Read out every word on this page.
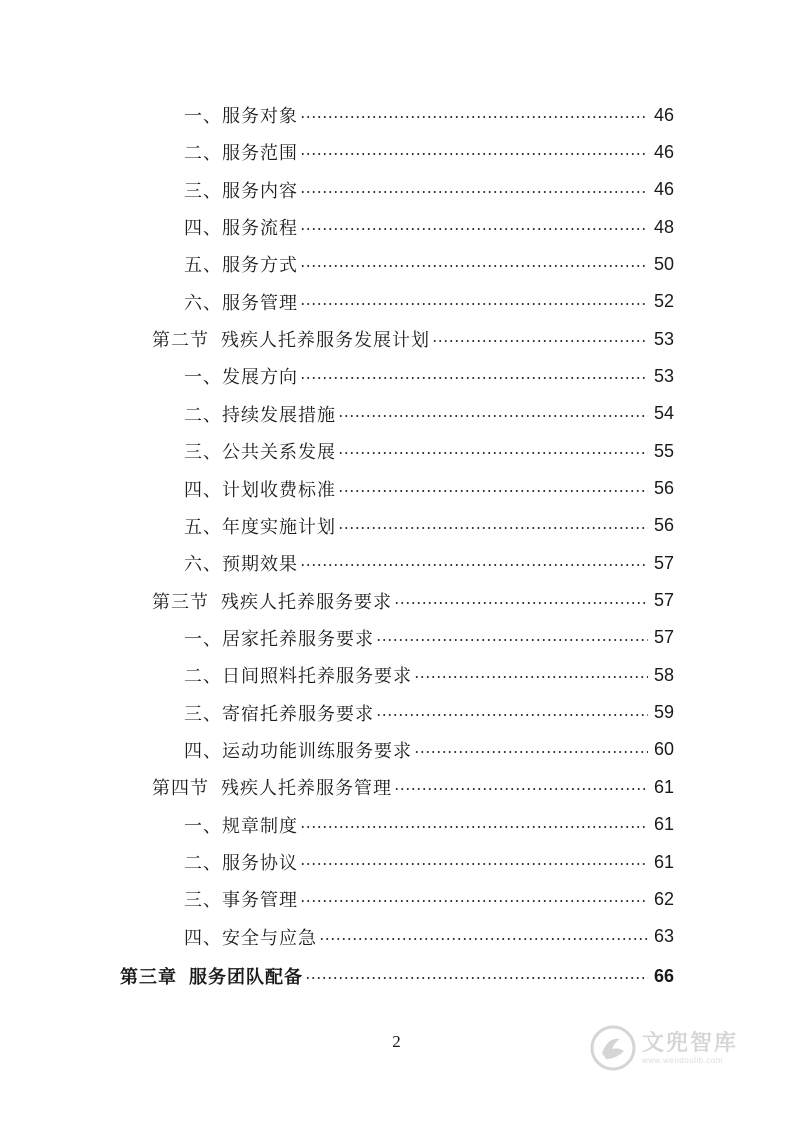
一、服务对象	46
二、服务范围	46
三、服务内容	46
四、服务流程	48
五、服务方式	50
六、服务管理	52
第二节 残疾人托养服务发展计划	53
一、发展方向	53
二、持续发展措施	54
三、公共关系发展	55
四、计划收费标准	56
五、年度实施计划	56
六、预期效果	57
第三节 残疾人托养服务要求	57
一、居家托养服务要求	57
二、日间照料托养服务要求	58
三、寄宿托养服务要求	59
四、运动功能训练服务要求	60
第四节 残疾人托养服务管理	61
一、规章制度	61
二、服务协议	61
三、事务管理	62
四、安全与应急	63
第三章 服务团队配备	66
2	文兜智库
www.wendoulib.com
